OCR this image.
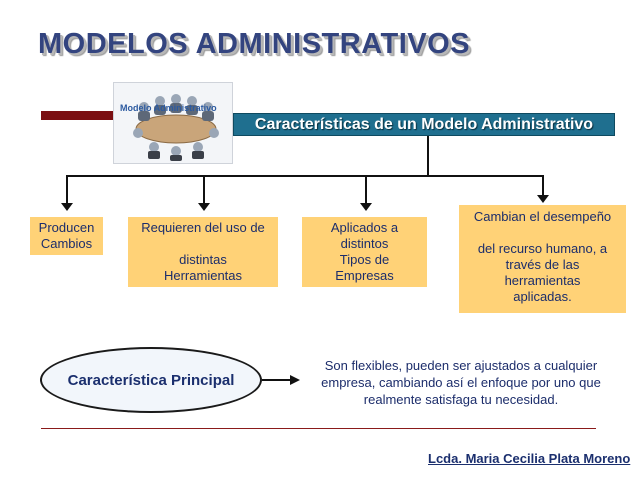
MODELOS ADMINISTRATIVOS
Modelo Administrativo
Características de un Modelo Administrativo
Producen
Cambios
Requieren del uso de
distintas
Herramientas
Aplicados a
distintos
Tipos de
Empresas
Cambian el desempeño
del recurso humano, a
través de las
herramientas
aplicadas.
Característica Principal
Son flexibles, pueden ser ajustados a cualquier empresa, cambiando así el enfoque por uno que realmente satisfaga tu necesidad.
Lcda. Maria Cecilia Plata Moreno
